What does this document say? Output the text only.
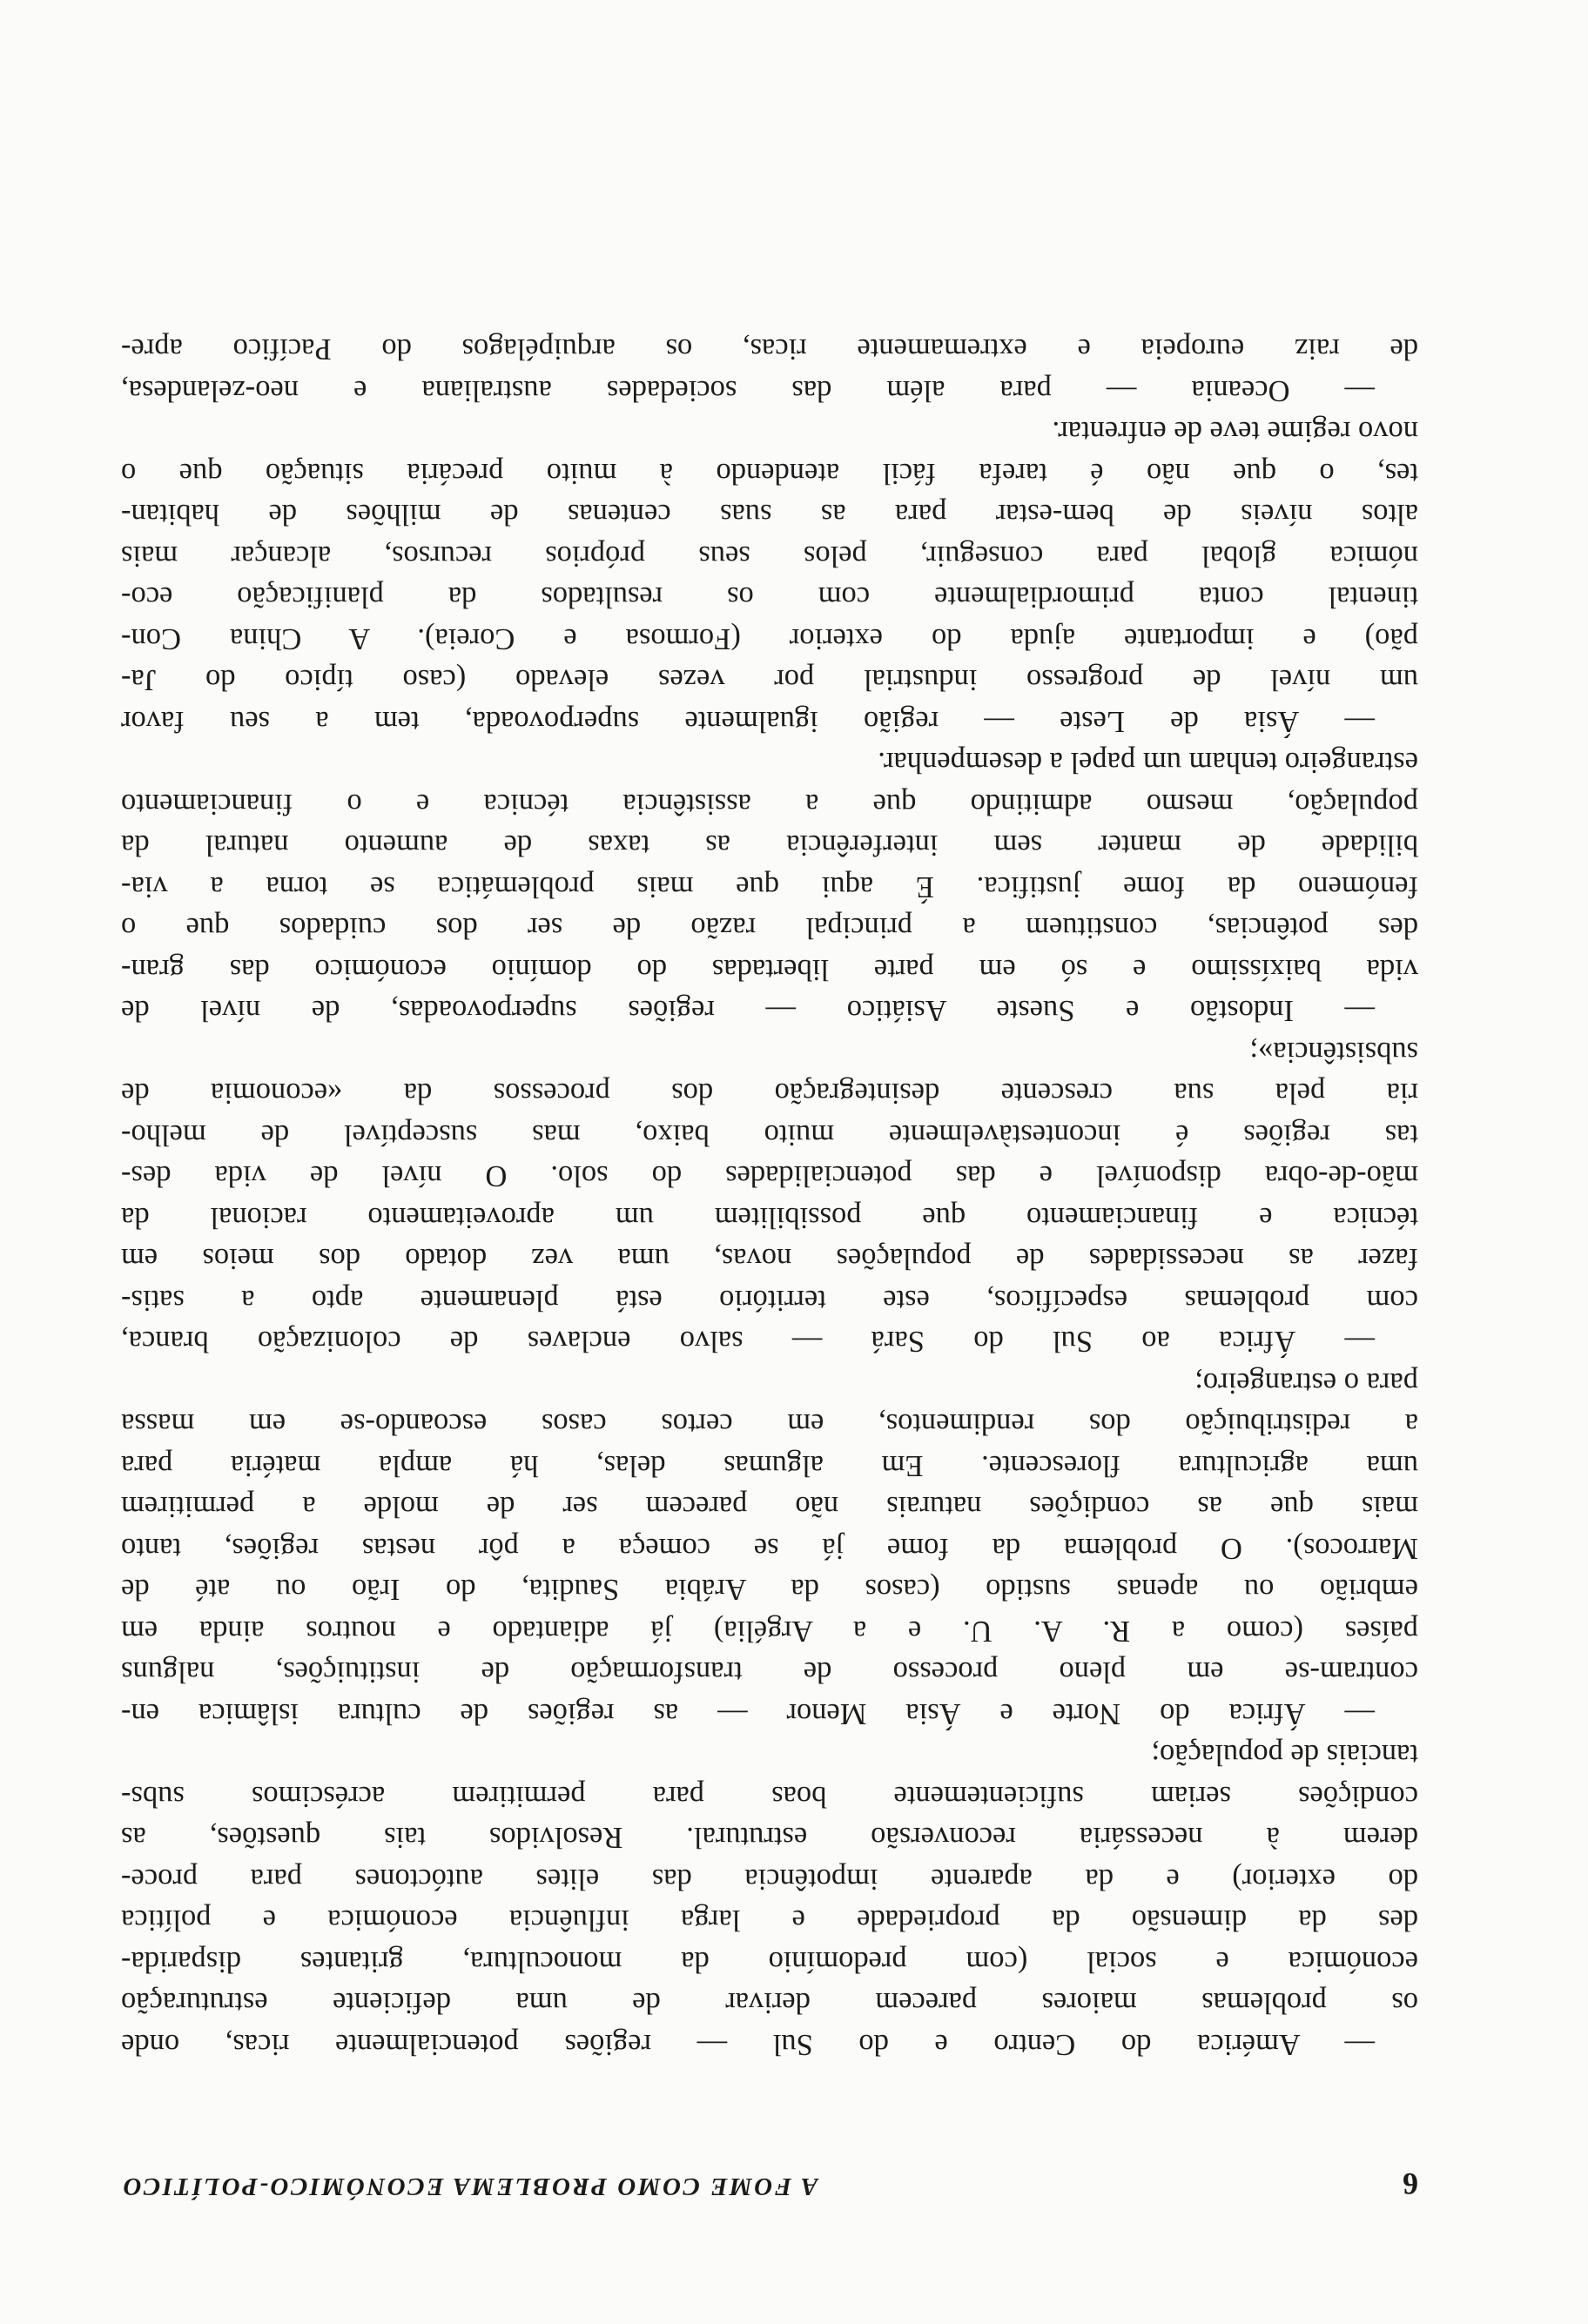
6
A FOME COMO PROBLEMA ECONÓMICO-POLÍTICO
— América do Centro e do Sul — regiões potencialmente ricas, onde
os problemas maiores parecem derivar de uma deficiente estruturação
económica e social (com predomínio da monocultura, gritantes disparida-
des da dimensão da propriedade e larga influência económica e política
do exterior) e da aparente impotência das elites autóctones para proce-
derem à necessária reconversão estrutural. Resolvidos tais questões, as
condições seriam suficientemente boas para permitirem acréscimos subs-
tanciais de população;
— África do Norte e Ásia Menor — as regiões de cultura islâmica en-
contram-se em pleno processo de transformação de instituições, nalguns
países (como a R. A. U. e a Argélia) já adiantado e noutros ainda em
embrião ou apenas sustido (casos da Arábia Saudita, do Irão ou até de
Marrocos). O problema da fome já se começa a pôr nestas regiões, tanto
mais que as condições naturais não parecem ser de molde a permitirem
uma agricultura florescente. Em algumas delas, há ampla matéria para
a redistribuição dos rendimentos, em certos casos escoando-se em massa
para o estrangeiro;
— África ao Sul do Sará — salvo enclaves de colonização branca,
com problemas específicos, este território está plenamente apto a satis-
fazer as necessidades de populações novas, uma vez dotado dos meios em
técnica e financiamento que possibilitem um aproveitamento racional da
mão-de-obra disponível e das potencialidades do solo. O nível de vida des-
tas regiões é incontestàvelmente muito baixo, mas susceptível de melho-
ria pela sua crescente desintegração dos processos da «economia de
subsistência»;
— Indostão e Sueste Asiático — regiões superpovoadas, de nível de
vida baixíssimo e só em parte libertadas do domínio económico das gran-
des potências, constituem a principal razão de ser dos cuidados que o
fenómeno da fome justifica. É aqui que mais problemática se torna a via-
bilidade de manter sem interferência as taxas de aumento natural da
população, mesmo admitindo que a assistência técnica e o financiamento
estrangeiro tenham um papel a desempenhar.
— Ásia de Leste — região igualmente superpovoada, tem a seu favor
um nível de progresso industrial por vezes elevado (caso típico do Ja-
pão) e importante ajuda do exterior (Formosa e Coreia). A China Con-
tinental conta primordialmente com os resultados da planificação eco-
nómica global para conseguir, pelos seus próprios recursos, alcançar mais
altos níveis de bem-estar para as suas centenas de milhões de habitan-
tes, o que não é tarefa fácil atendendo à muito precária situação que o
novo regime teve de enfrentar.
— Oceania — para além das sociedades australiana e neo-zelandesa,
de raiz europeia e extremamente ricas, os arquipélagos do Pacífico apre-
